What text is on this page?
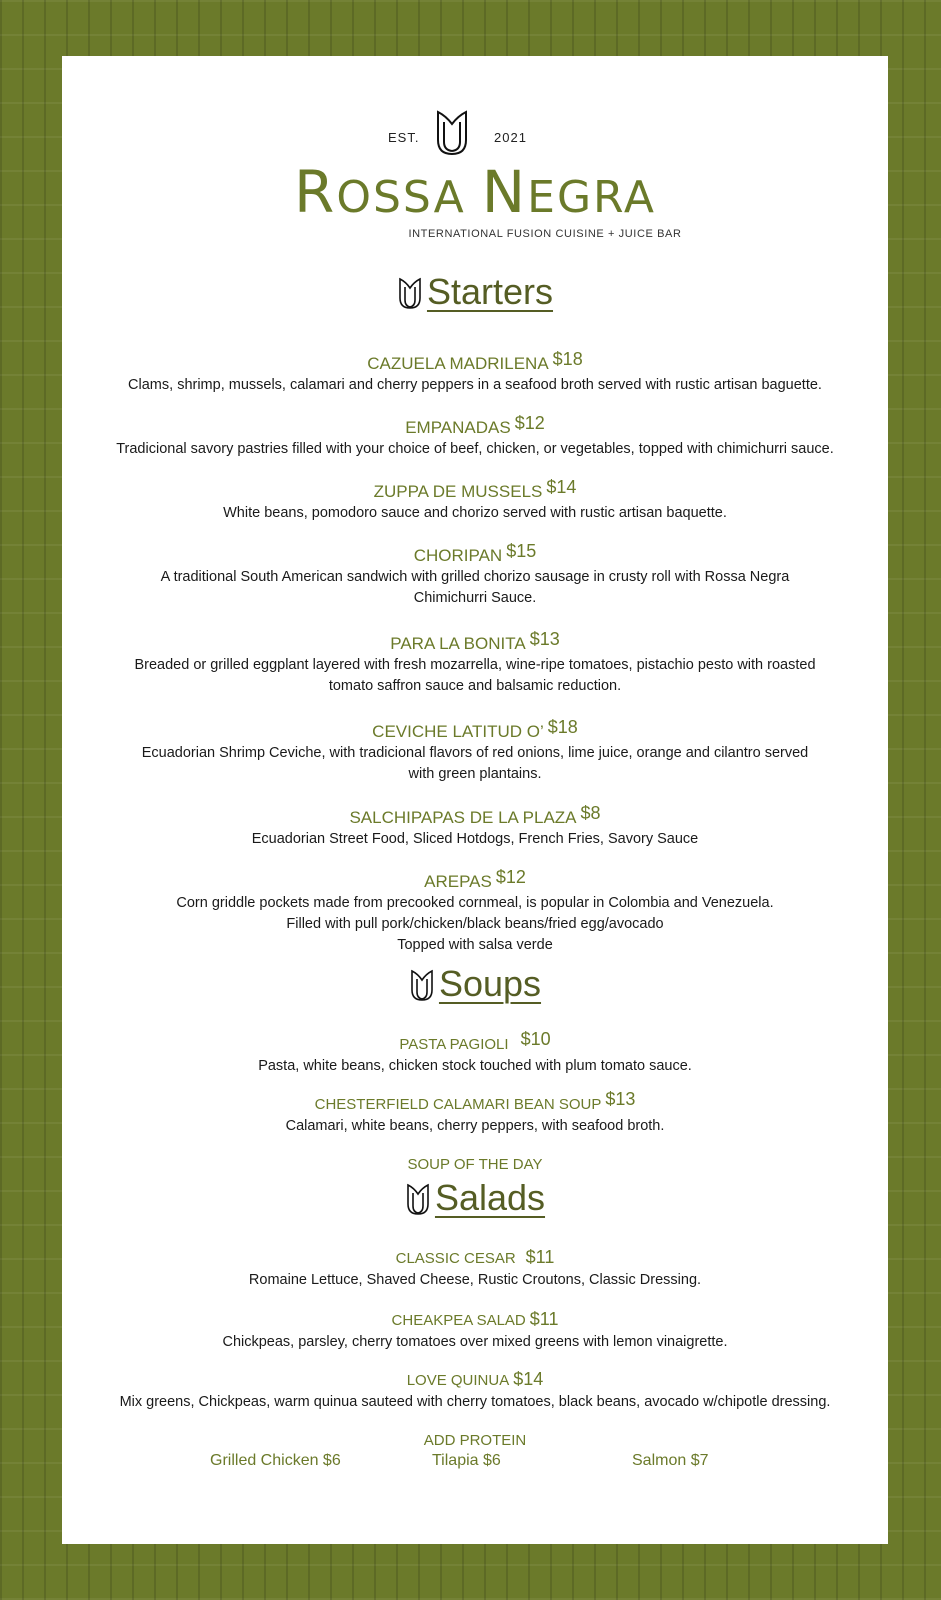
EST.	2021
ROSSA NEGRA
INTERNATIONAL FUSION CUISINE + JUICE BAR
Starters
CAZUELA MADRILENA $18
Clams, shrimp, mussels, calamari and cherry peppers in a seafood broth served with rustic artisan baguette.
EMPANADAS $12
Tradicional savory pastries filled with your choice of beef, chicken, or vegetables, topped with chimichurri sauce.
ZUPPA DE MUSSELS $14
White beans, pomodoro sauce and chorizo served with rustic artisan baquette.
CHORIPAN $15
A traditional South American sandwich with grilled chorizo sausage in crusty roll with Rossa Negra
Chimichurri Sauce.
PARA LA BONITA $13
Breaded or grilled eggplant layered with fresh mozarrella, wine-ripe tomatoes, pistachio pesto with roasted
tomato saffron sauce and balsamic reduction.
CEVICHE LATITUD O’ $18
Ecuadorian Shrimp Ceviche, with tradicional flavors of red onions, lime juice, orange and cilantro served
with green plantains.
SALCHIPAPAS DE LA PLAZA $8
Ecuadorian Street Food, Sliced Hotdogs, French Fries, Savory Sauce
AREPAS $12
Corn griddle pockets made from precooked cornmeal, is popular in Colombia and Venezuela.
Filled with pull pork/chicken/black beans/fried egg/avocado
Topped with salsa verde
Soups
PASTA PAGIOLI $10
Pasta, white beans, chicken stock touched with plum tomato sauce.
CHESTERFIELD CALAMARI BEAN SOUP $13
Calamari, white beans, cherry peppers, with seafood broth.
SOUP OF THE DAY
Salads
CLASSIC CESAR $11
Romaine Lettuce, Shaved Cheese, Rustic Croutons, Classic Dressing.
CHEAKPEA SALAD $11
Chickpeas, parsley, cherry tomatoes over mixed greens with lemon vinaigrette.
LOVE QUINUA $14
Mix greens, Chickpeas, warm quinua sauteed with cherry tomatoes, black beans, avocado w/chipotle dressing.
ADD PROTEIN
Grilled Chicken $6	Tilapia $6	Salmon $7
